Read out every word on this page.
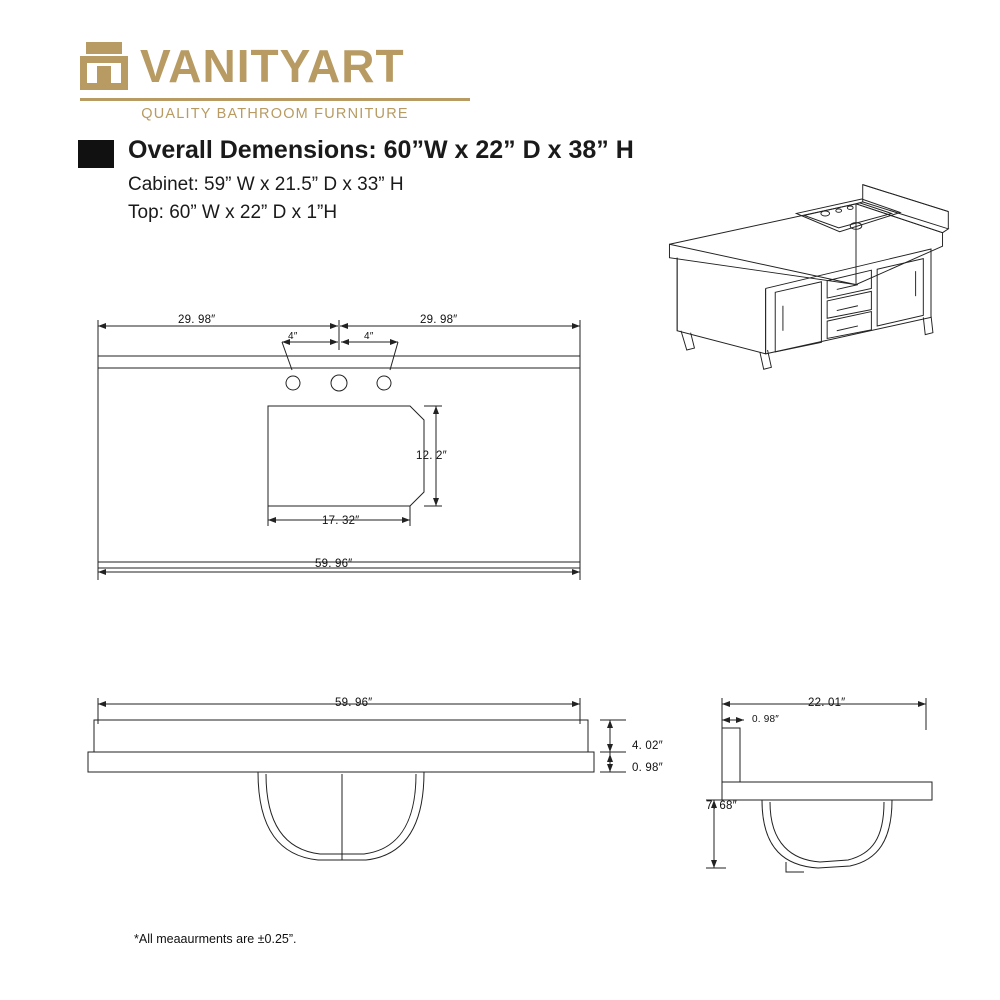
VANITYART
QUALITY BATHROOM FURNITURE
Overall Demensions: 60”W x 22” D x 38” H
Cabinet: 59” W x 21.5” D x 33” H
Top: 60” W x 22” D x 1”H
29. 98″	29. 98″
4″	4″
12. 2″
17. 32″
59. 96″
59. 96″
4. 02″
0. 98″
22. 01″
0. 98″
7. 68″
*All meaaurments are ±0.25”.
